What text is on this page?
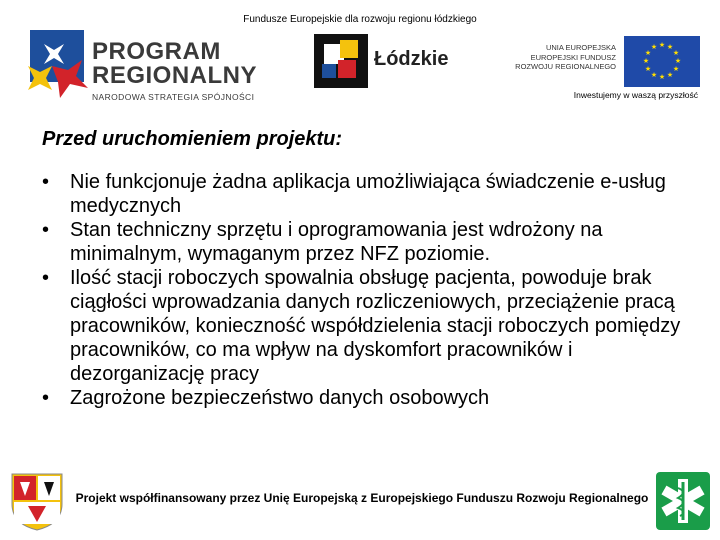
Fundusze Europejskie dla rozwoju regionu łódzkiego
PROGRAM
REGIONALNY
NARODOWA STRATEGIA SPÓJNOŚCI
Łódzkie
UNIA EUROPEJSKA
EUROPEJSKI FUNDUSZ
ROZWOJU REGIONALNEGO
★ ★
★
★
★
★
★
★
★
★
★
★
Inwestujemy w waszą przyszłość
Przed uruchomieniem projektu:
• Nie funkcjonuje żadna aplikacja umożliwiająca świadczenie e-usług medycznych
• Stan techniczny sprzętu i oprogramowania jest wdrożony na minimalnym, wymaganym przez NFZ poziomie.
• Ilość stacji roboczych spowalnia obsługę pacjenta, powoduje brak ciągłości wprowadzania danych rozliczeniowych, przeciążenie pracą pracowników, konieczność współdzielenia stacji roboczych pomiędzy pracowników, co ma wpływ na dyskomfort pracowników i dezorganizację pracy
• Zagrożone bezpieczeństwo danych osobowych
Projekt współfinansowany przez Unię Europejską z Europejskiego Funduszu Rozwoju Regionalnego
